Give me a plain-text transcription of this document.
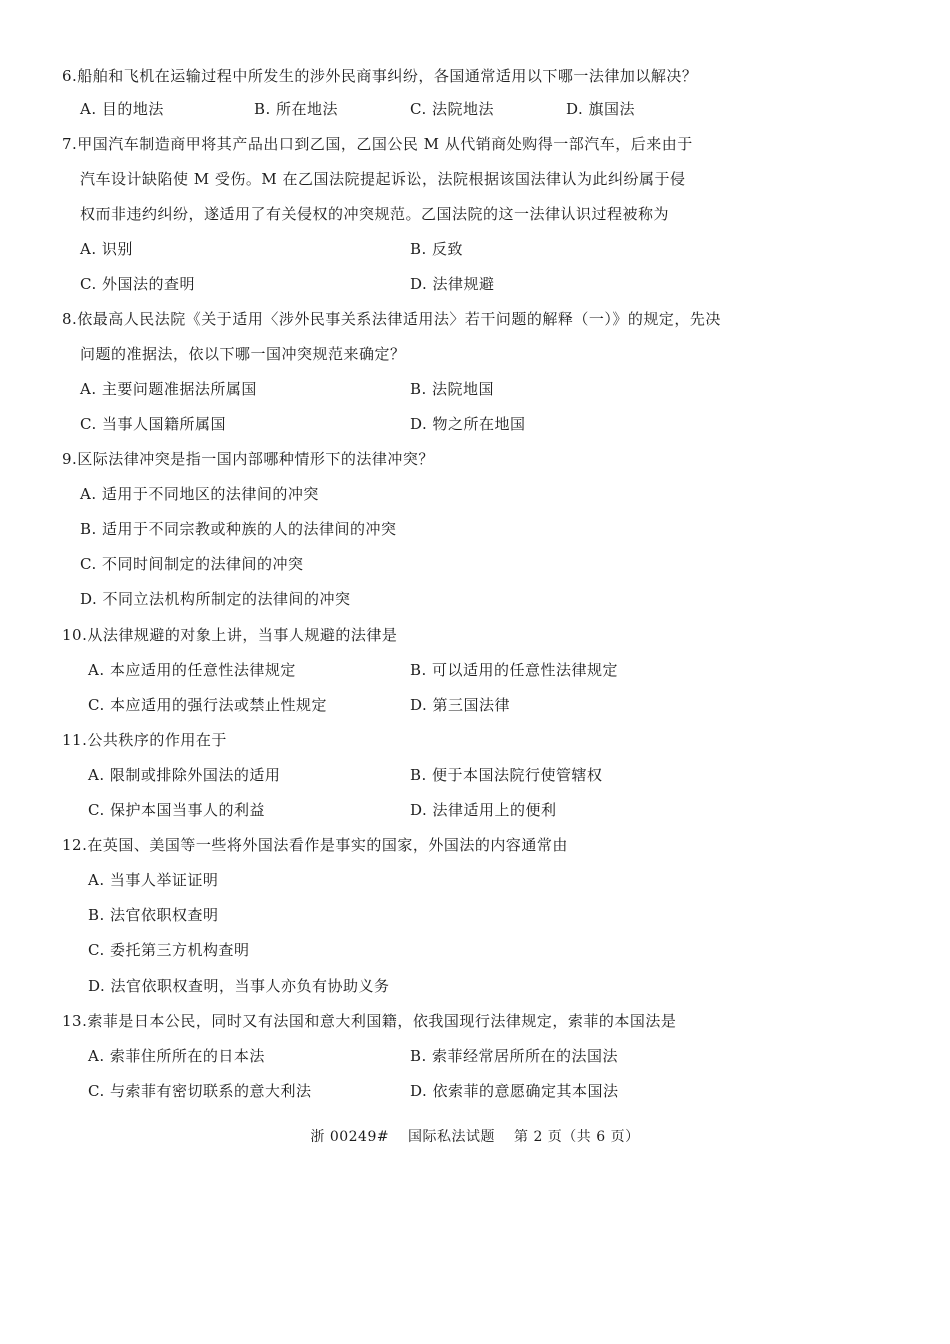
6.船舶和飞机在运输过程中所发生的涉外民商事纠纷，各国通常适用以下哪一法律加以解决？
A. 目的地法	B. 所在地法	C. 法院地法	D. 旗国法
7.甲国汽车制造商甲将其产品出口到乙国，乙国公民 M 从代销商处购得一部汽车，后来由于
汽车设计缺陷使 M 受伤。M 在乙国法院提起诉讼，法院根据该国法律认为此纠纷属于侵
权而非违约纠纷，遂适用了有关侵权的冲突规范。乙国法院的这一法律认识过程被称为
A. 识别	B. 反致
C. 外国法的查明	D. 法律规避
8.依最高人民法院《关于适用〈涉外民事关系法律适用法〉若干问题的解释（一）》的规定，先决
问题的准据法，依以下哪一国冲突规范来确定？
A. 主要问题准据法所属国	B. 法院地国
C. 当事人国籍所属国	D. 物之所在地国
9.区际法律冲突是指一国内部哪种情形下的法律冲突？
A. 适用于不同地区的法律间的冲突
B. 适用于不同宗教或种族的人的法律间的冲突
C. 不同时间制定的法律间的冲突
D. 不同立法机构所制定的法律间的冲突
10.从法律规避的对象上讲，当事人规避的法律是
A. 本应适用的任意性法律规定	B. 可以适用的任意性法律规定
C. 本应适用的强行法或禁止性规定	D. 第三国法律
11.公共秩序的作用在于
A. 限制或排除外国法的适用	B. 便于本国法院行使管辖权
C. 保护本国当事人的利益	D. 法律适用上的便利
12.在英国、美国等一些将外国法看作是事实的国家，外国法的内容通常由
A. 当事人举证证明
B. 法官依职权查明
C. 委托第三方机构查明
D. 法官依职权查明，当事人亦负有协助义务
13.索菲是日本公民，同时又有法国和意大利国籍，依我国现行法律规定，索菲的本国法是
A. 索菲住所所在的日本法	B. 索菲经常居所所在的法国法
C. 与索菲有密切联系的意大利法	D. 依索菲的意愿确定其本国法
浙 00249# 国际私法试题 第 2 页（共 6 页）
